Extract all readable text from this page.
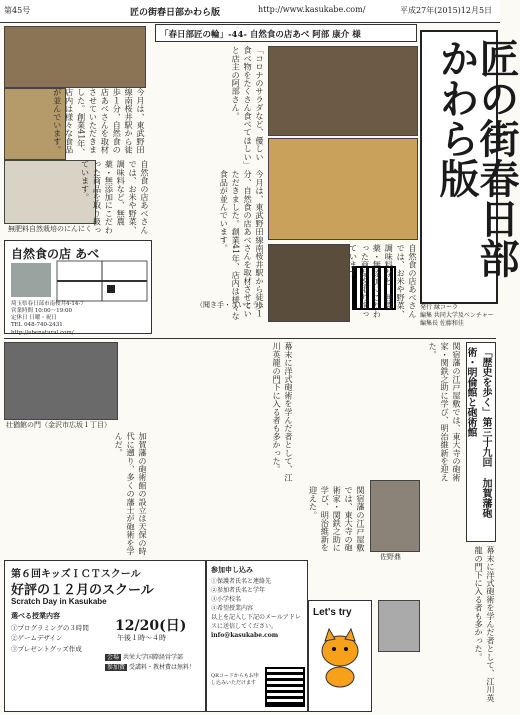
第45号	匠の街春日部かわら版	http://www.kasukabe.com/	平成27年(2015)12月5日
匠の街春日部かわら版
発行 縁コーラ
編集 共同大学及ベンチャー
編集長 佐藤和佳
「春日部匠の輪」-44- 自然食の店あべ 阿部 康介 様
今月は、東武野田線南桜井駅から徒歩１分、自然食の店あべさんを取材させていただきました。創業41年、店内は様々な食品が並んでいます。
無肥料自然栽培のにんにく	自然食の店あべさんでは、お米や野菜、調味料など、無農薬・無添加にこだわった商品を取り扱っています。
自然食の店 あべ
埼玉県春日部市南桜井4-14-7
営業時間 10:00～19:00
定休日 日曜・祝日
TEL 048-740-2431
http://abenatural.com/
「コロナのサラダなど、優しい食べ物をたくさん食べてほしい」と店主の阿部さん。
今月は、東武野田線南桜井駅から徒歩１分、自然食の店あべさんを取材させていただきました。創業41年、店内は様々な食品が並んでいます。
（聞き手・さいとう）	自然食の店あべさんでは、お米や野菜、調味料など、無農薬・無添加にこだわった商品を取り扱っています。
「歴史を歩く」第三十九回 加賀藩砲術・明倫館と砲術館
関宿藩の江戸屋敷では、東大寺の砲術家・関鉄之助に学び、明治維新を迎えた。
幕末に洋式砲術を学んだ者として、江川英龍の門下に入る者も多かった。
壮猶館の門（金沢市広坂１丁目）
加賀藩の砲術館の設立は天保の時代に遡り、多くの藩士が砲術を学んだ。
関宿藩の江戸屋敷では、東大寺の砲術家・関鉄之助に学び、明治維新を迎えた。
佐野鼎	幕末に洋式砲術を学んだ者として、江川英龍の門下に入る者も多かった。
第６回キッズＩＣＴスクール
好評の１２月のスクール
Scratch Day in Kasukabe
選べる授業内容
①プログラミングの３時間
②ゲームデザイン
③プレゼントグッズ作成
12/20(日)
午後１時～４時
会場 共栄大学国際経営学部
参加費 受講料・教材費は無料！
参加申し込み
①保護者氏名と連絡先
②参加者氏名と学年
③小学校名
④希望授業内容
以上を記入し下記のメールアドレスに送信してください。
info@kasukabe.com
QRコードからもお申し込みいただけます
Let's try
